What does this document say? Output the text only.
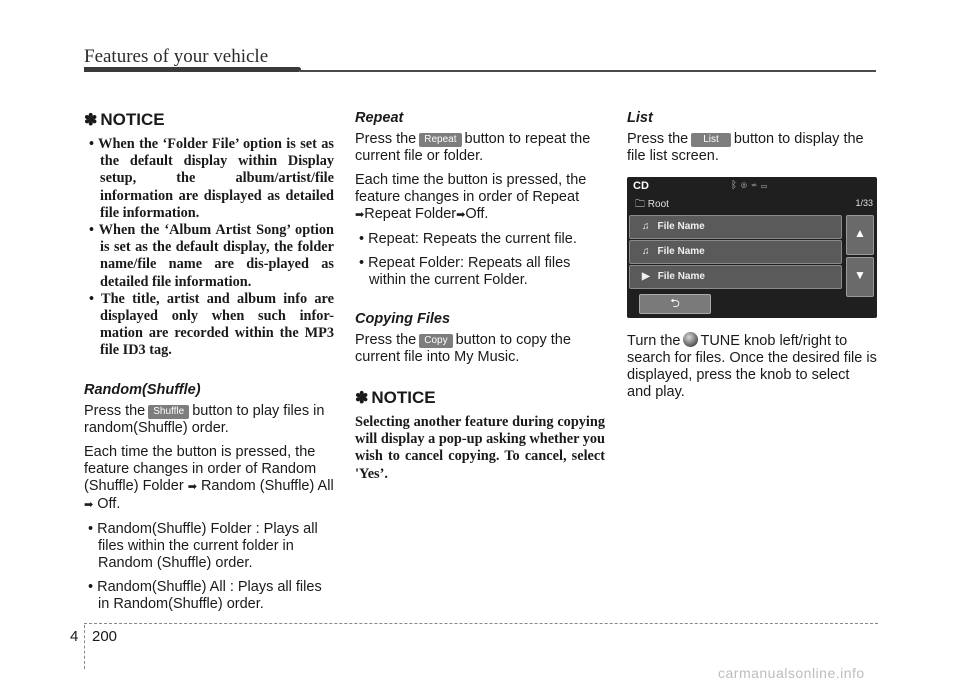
Features of your vehicle
✽ NOTICE
• When the ‘Folder File’ option is set as the default display within Display setup, the album/artist/file information are displayed as detailed file information.
• When the ‘Album Artist Song’ option is set as the default display, the folder name/file name are dis-played as detailed file information.
• The title, artist and album info are displayed only when such infor-mation are recorded within the MP3 file ID3 tag.
Random(Shuffle)

Press the Shuffle button to play files in random(Shuffle) order.

Each time the button is pressed, the feature changes in order of Random (Shuffle) Folder ➡ Random (Shuffle) All ➡ Off.

• Random(Shuffle) Folder : Plays all files within the current folder in Random (Shuffle) order.
• Random(Shuffle) All : Plays all files in Random(Shuffle) order.
Repeat

Press the Repeat button to repeat the current file or folder.

Each time the button is pressed, the feature changes in order of Repeat ➡Repeat Folder➡Off.

• Repeat: Repeats the current file.
• Repeat Folder: Repeats all files within the current Folder.
Copying Files

Press the Copy button to copy the current file into My Music.

✽ NOTICE

Selecting another feature during copying will display a pop-up asking whether you wish to cancel copying. To cancel, select 'Yes’.

List

Press the List button to display the file list screen.

CD	ᛒ◎⇌▭
🗀 Root	1/33
♫ File Name
♫ File Name
▶ File Name
▲
▼
⮌

Turn the TUNE knob left/right to search for files. Once the desired file is displayed, press the knob to select and play.

4 200
carmanualsonline.info
